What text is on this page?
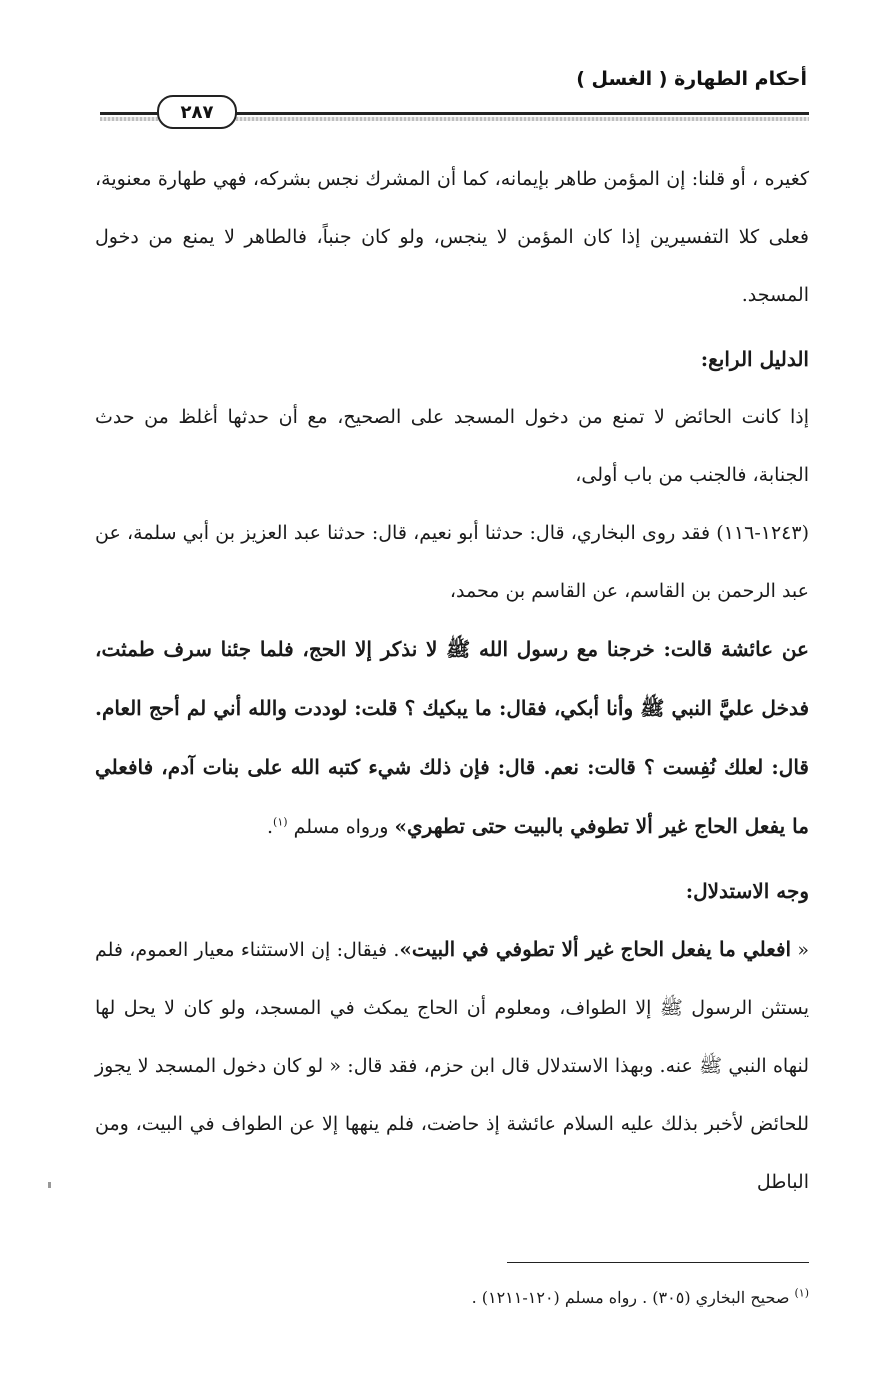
أحكام الطهارة ( الغسل )
٢٨٧

كغيره ، أو قلنا: إن المؤمن طاهر بإيمانه، كما أن المشرك نجس بشركه، فهي طهارة معنوية، فعلى كلا التفسيرين إذا كان المؤمن لا ينجس، ولو كان جنباً، فالطاهر لا يمنع من دخول المسجد.

الدليل الرابع:

إذا كانت الحائض لا تمنع من دخول المسجد على الصحيح، مع أن حدثها أغلظ من حدث الجنابة، فالجنب من باب أولى،

(١٢٤٣-١١٦) فقد روى البخاري، قال: حدثنا أبو نعيم، قال: حدثنا عبد العزيز بن أبي سلمة، عن عبد الرحمن بن القاسم، عن القاسم بن محمد،

عن عائشة قالت: خرجنا مع رسول الله ﷺ لا نذكر إلا الحج، فلما جئنا سرف طمثت، فدخل عليَّ النبي ﷺ وأنا أبكي، فقال: ما يبكيك ؟ قلت: لوددت والله أني لم أحج العام. قال: لعلك نُفِست ؟ قالت: نعم. قال: فإن ذلك شيء كتبه الله على بنات آدم، فافعلي ما يفعل الحاج غير ألا تطوفي بالبيت حتى تطهري» ورواه مسلم $^{(١)}$.

وجه الاستدلال:

« افعلي ما يفعل الحاج غير ألا تطوفي في البيت». فيقال: إن الاستثناء معيار العموم، فلم يستثن الرسول ﷺ إلا الطواف، ومعلوم أن الحاج يمكث في المسجد، ولو كان لا يحل لها لنهاه النبي ﷺ عنه. وبهذا الاستدلال قال ابن حزم، فقد قال: « لو كان دخول المسجد لا يجوز للحائض لأخبر بذلك عليه السلام عائشة إذ حاضت، فلم ينهها إلا عن الطواف في البيت، ومن الباطل

$^{(١)}$ صحيح البخاري (٣٠٥) . رواه مسلم (١٢٠-١٢١١) .
